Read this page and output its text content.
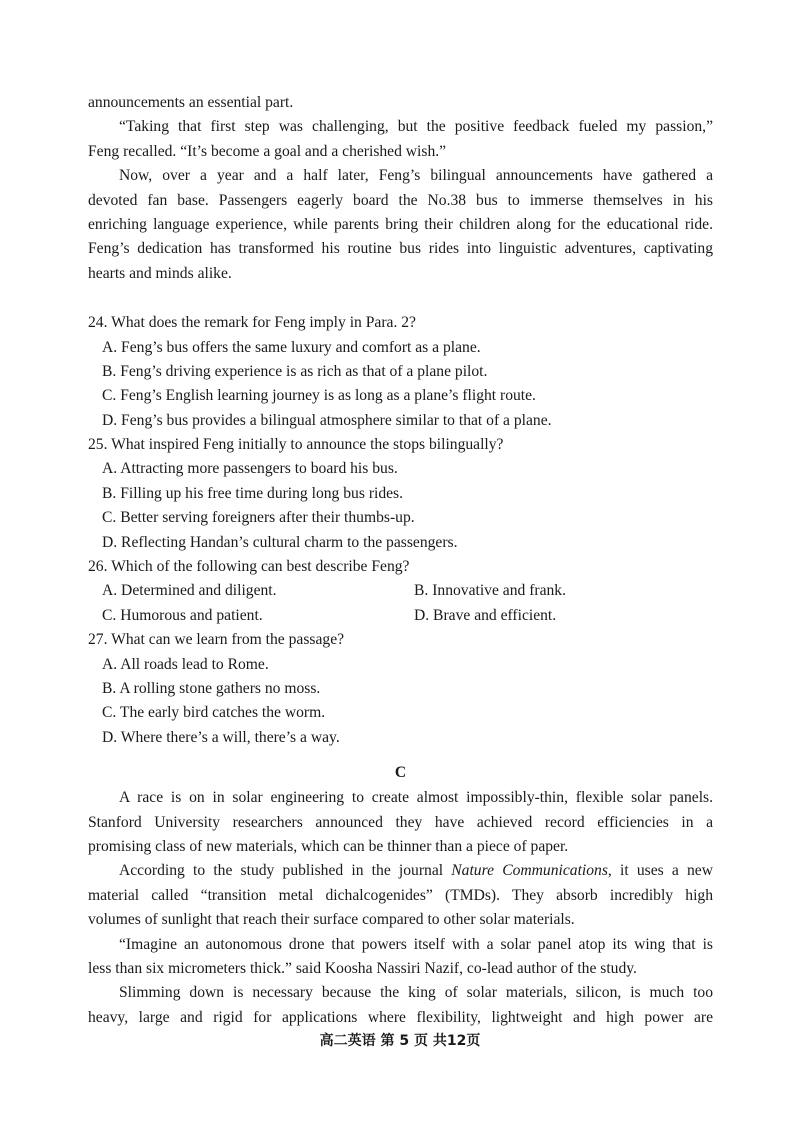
announcements an essential part.
“Taking that first step was challenging, but the positive feedback fueled my passion,”
Feng recalled. “It’s become a goal and a cherished wish.”
Now, over a year and a half later, Feng’s bilingual announcements have gathered a
devoted fan base. Passengers eagerly board the No.38 bus to immerse themselves in his
enriching language experience, while parents bring their children along for the educational ride.
Feng’s dedication has transformed his routine bus rides into linguistic adventures, captivating
hearts and minds alike.
24. What does the remark for Feng imply in Para. 2?
A. Feng’s bus offers the same luxury and comfort as a plane.
B. Feng’s driving experience is as rich as that of a plane pilot.
C. Feng’s English learning journey is as long as a plane’s flight route.
D. Feng’s bus provides a bilingual atmosphere similar to that of a plane.
25. What inspired Feng initially to announce the stops bilingually?
A. Attracting more passengers to board his bus.
B. Filling up his free time during long bus rides.
C. Better serving foreigners after their thumbs-up.
D. Reflecting Handan’s cultural charm to the passengers.
26. Which of the following can best describe Feng?
A. Determined and diligent.	B. Innovative and frank.
C. Humorous and patient.	D. Brave and efficient.
27. What can we learn from the passage?
A. All roads lead to Rome.
B. A rolling stone gathers no moss.
C. The early bird catches the worm.
D. Where there’s a will, there’s a way.
C
A race is on in solar engineering to create almost impossibly-thin, flexible solar panels.
Stanford University researchers announced they have achieved record efficiencies in a
promising class of new materials, which can be thinner than a piece of paper.
According to the study published in the journal Nature Communications, it uses a new
material called “transition metal dichalcogenides” (TMDs). They absorb incredibly high
volumes of sunlight that reach their surface compared to other solar materials.
“Imagine an autonomous drone that powers itself with a solar panel atop its wing that is
less than six micrometers thick.” said Koosha Nassiri Nazif, co-lead author of the study.
Slimming down is necessary because the king of solar materials, silicon, is much too
heavy, large and rigid for applications where flexibility, lightweight and high power are
高二英语 第 5 页 共12页
